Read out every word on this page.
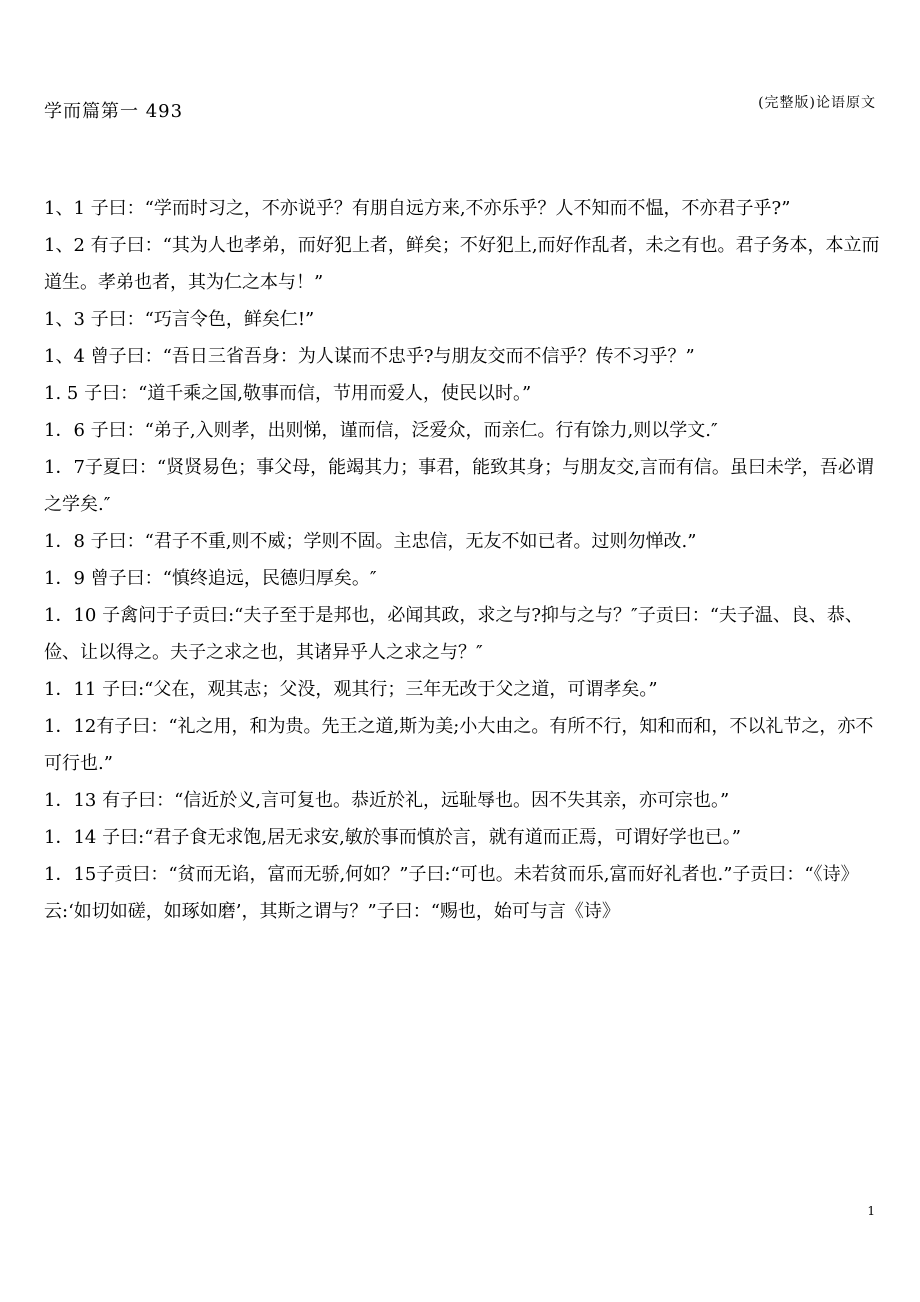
(完整版)论语原文
学而篇第一 493

1、1 子曰：“学而时习之，不亦说乎？有朋自远方来,不亦乐乎？人不知而不愠，不亦君子乎?”

1、2 有子曰：“其为人也孝弟，而好犯上者，鲜矣；不好犯上,而好作乱者，未之有也。君子务本，本立而道生。孝弟也者，其为仁之本与！”

1、3 子曰：“巧言令色，鲜矣仁!”

1、4 曾子曰：“吾日三省吾身：为人谋而不忠乎?与朋友交而不信乎？传不习乎？”

1. 5 子曰：“道千乘之国,敬事而信，节用而爱人，使民以时。”

1．6 子曰：“弟子,入则孝，出则悌，谨而信，泛爱众，而亲仁。行有馀力,则以学文.″

1．7子夏曰：“贤贤易色；事父母，能竭其力；事君，能致其身；与朋友交,言而有信。虽曰未学，吾必谓之学矣.″

1．8 子曰：“君子不重,则不威；学则不固。主忠信，无友不如已者。过则勿惮改.”

1．9 曾子曰：“慎终追远，民德归厚矣。″

1．10 子禽问于子贡曰:“夫子至于是邦也，必闻其政，求之与?抑与之与？″子贡曰：“夫子温、良、恭、俭、让以得之。夫子之求之也，其诸异乎人之求之与？″

1．11 子曰:“父在，观其志；父没，观其行；三年无改于父之道，可谓孝矣。”

1．12有子曰：“礼之用，和为贵。先王之道,斯为美;小大由之。有所不行，知和而和，不以礼节之，亦不可行也.”

1．13 有子曰：“信近於义,言可复也。恭近於礼，远耻辱也。因不失其亲，亦可宗也。”

1．14 子曰:“君子食无求饱,居无求安,敏於事而慎於言，就有道而正焉，可谓好学也已。”

1．15子贡曰：“贫而无谄，富而无骄,何如？”子曰:“可也。未若贫而乐,富而好礼者也.”子贡曰：“《诗》云:‘如切如磋，如琢如磨’，其斯之谓与？”子曰：“赐也，始可与言《诗》

1
